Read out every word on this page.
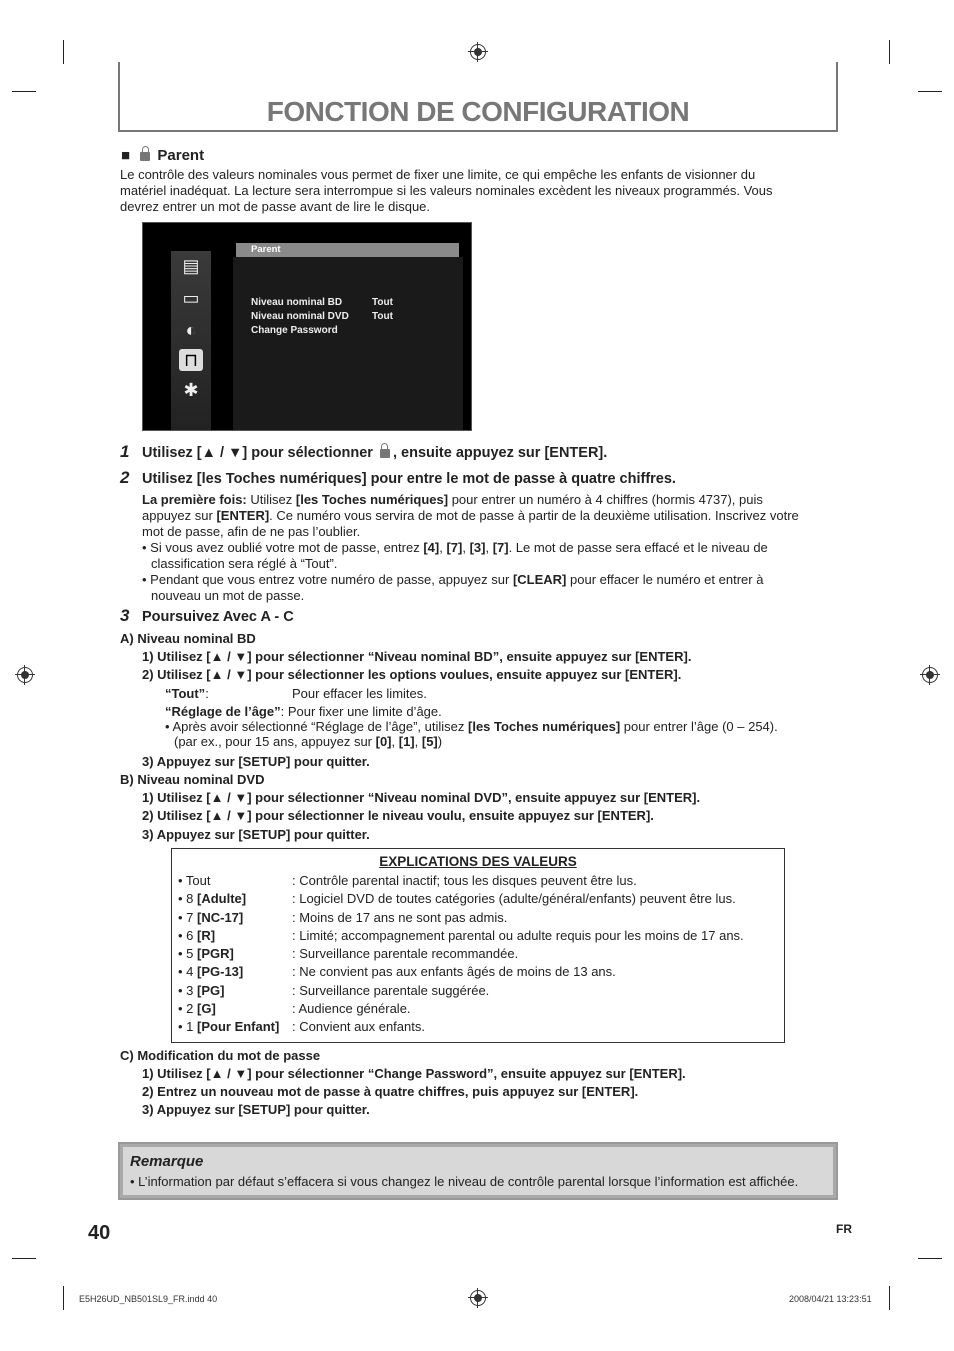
FONCTION DE CONFIGURATION
■ Parent

Le contrôle des valeurs nominales vous permet de fixer une limite, ce qui empêche les enfants de visionner du

matériel inadéquat. La lecture sera interrompue si les valeurs nominales excèdent les niveaux programmés. Vous

devrez entrer un mot de passe avant de lire le disque.

▤
▭
◐
⊓
✱
Parent
Niveau nominal BD	Tout
Niveau nominal DVD Tout
Change Password
1 Utilisez [▲ / ▼] pour sélectionner , ensuite appuyez sur [ENTER].
2 Utilisez [les Toches numériques] pour entre le mot de passe à quatre chiffres.

La première fois: Utilisez [les Toches numériques] pour entrer un numéro à 4 chiffres (hormis 4737), puis

appuyez sur [ENTER]. Ce numéro vous servira de mot de passe à partir de la deuxième utilisation. Inscrivez votre

mot de passe, afin de ne pas l’oublier.

• Si vous avez oublié votre mot de passe, entrez [4], [7], [3], [7]. Le mot de passe sera effacé et le niveau de

classification sera réglé à “Tout”.

• Pendant que vous entrez votre numéro de passe, appuyez sur [CLEAR] pour effacer le numéro et entrer à

nouveau un mot de passe.

3 Poursuivez Avec A - C
A) Niveau nominal BD
1) Utilisez [▲ / ▼] pour sélectionner “Niveau nominal BD”, ensuite appuyez sur [ENTER].
2) Utilisez [▲ / ▼] pour sélectionner les options voulues, ensuite appuyez sur [ENTER].
“Tout”:	Pour effacer les limites.
“Réglage de l’âge”: Pour fixer une limite d’âge.
• Après avoir sélectionné “Réglage de l’âge”, utilisez [les Toches numériques] pour entrer l’âge (0 – 254).
(par ex., pour 15 ans, appuyez sur [0], [1], [5])
3) Appuyez sur [SETUP] pour quitter.
B) Niveau nominal DVD
1) Utilisez [▲ / ▼] pour sélectionner “Niveau nominal DVD”, ensuite appuyez sur [ENTER].
2) Utilisez [▲ / ▼] pour sélectionner le niveau voulu, ensuite appuyez sur [ENTER].
3) Appuyez sur [SETUP] pour quitter.
EXPLICATIONS DES VALEURS
• Tout	: Contrôle parental inactif; tous les disques peuvent être lus.
• 8 [Adulte]	: Logiciel DVD de toutes catégories (adulte/général/enfants) peuvent être lus.
• 7 [NC-17]	: Moins de 17 ans ne sont pas admis.
• 6 [R]	: Limité; accompagnement parental ou adulte requis pour les moins de 17 ans.
• 5 [PGR]	: Surveillance parentale recommandée.
• 4 [PG-13]	: Ne convient pas aux enfants âgés de moins de 13 ans.
• 3 [PG]	: Surveillance parentale suggérée.
• 2 [G]	: Audience générale.
• 1 [Pour Enfant] : Convient aux enfants.
C) Modification du mot de passe
1) Utilisez [▲ / ▼] pour sélectionner “Change Password”, ensuite appuyez sur [ENTER].
2) Entrez un nouveau mot de passe à quatre chiffres, puis appuyez sur [ENTER].
3) Appuyez sur [SETUP] pour quitter.
Remarque
• L’information par défaut s’effacera si vous changez le niveau de contrôle parental lorsque l’information est affichée.
40	FR
E5H26UD_NB501SL9_FR.indd 40	2008/04/21 13:23:51
